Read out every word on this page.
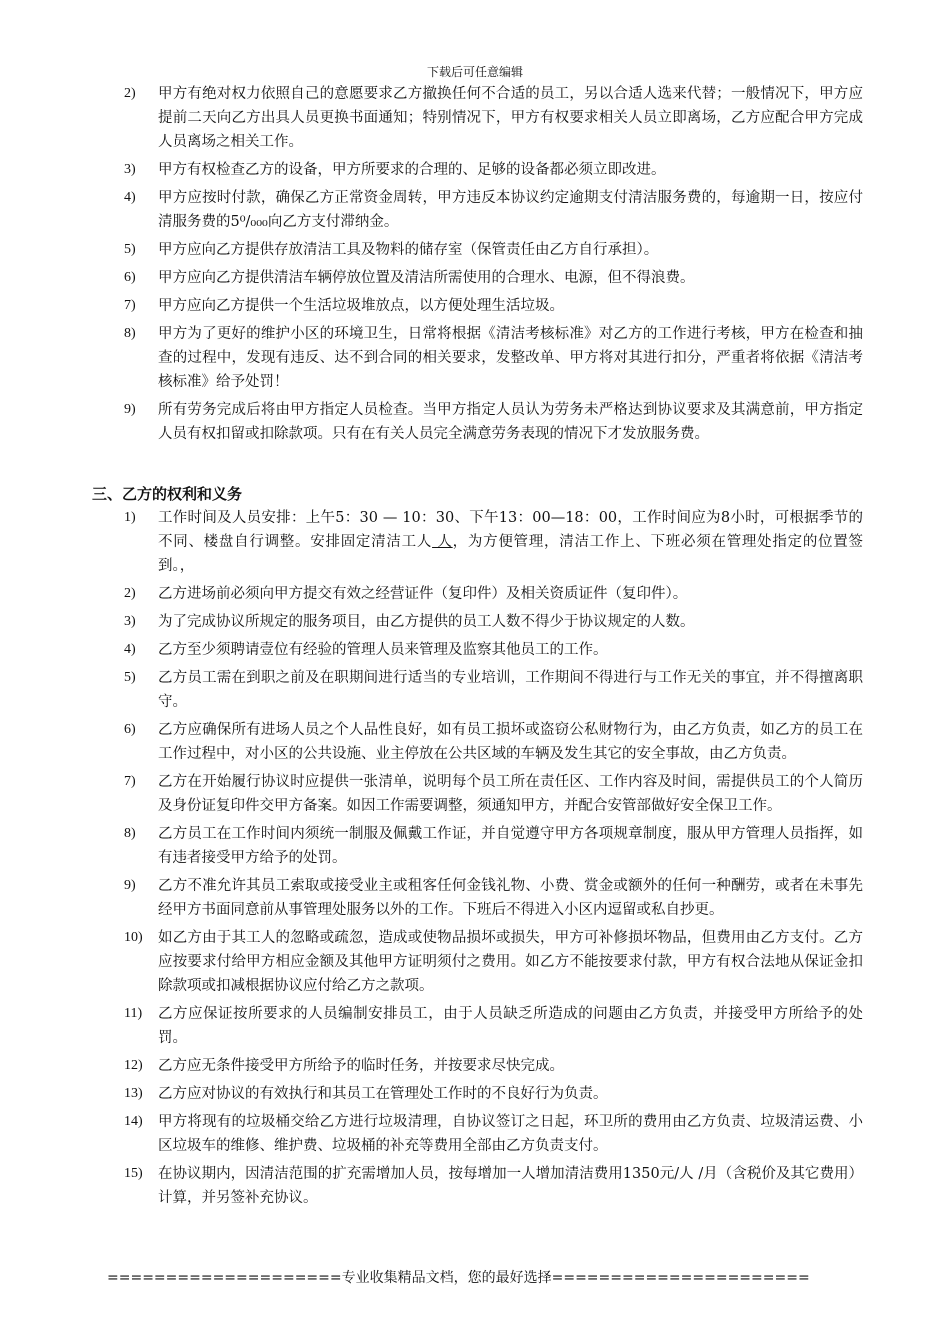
下载后可任意编辑
2) 甲方有绝对权力依照自己的意愿要求乙方撤换任何不合适的员工，另以合适人选来代替；一般情况下，甲方应提前二天向乙方出具人员更换书面通知；特别情况下，甲方有权要求相关人员立即离场，乙方应配合甲方完成人员离场之相关工作。
3) 甲方有权检查乙方的设备，甲方所要求的合理的、足够的设备都必须立即改进。
4) 甲方应按时付款，确保乙方正常资金周转，甲方违反本协议约定逾期支付清洁服务费的，每逾期一日，按应付清服务费的5⁰/₀₀₀向乙方支付滞纳金。
5) 甲方应向乙方提供存放清洁工具及物料的储存室（保管责任由乙方自行承担）。
6) 甲方应向乙方提供清洁车辆停放位置及清洁所需使用的合理水、电源，但不得浪费。
7) 甲方应向乙方提供一个生活垃圾堆放点，以方便处理生活垃圾。
8) 甲方为了更好的维护小区的环境卫生，日常将根据《清洁考核标准》对乙方的工作进行考核，甲方在检查和抽查的过程中，发现有违反、达不到合同的相关要求，发整改单、甲方将对其进行扣分，严重者将依据《清洁考核标准》给予处罚！
9) 所有劳务完成后将由甲方指定人员检查。当甲方指定人员认为劳务未严格达到协议要求及其满意前，甲方指定人员有权扣留或扣除款项。只有在有关人员完全满意劳务表现的情况下才发放服务费。
三、乙方的权利和义务
1) 工作时间及人员安排：上午5：30 — 10：30、下午13：00—18：00，工作时间应为8小时，可根据季节的不同、楼盘自行调整。安排固定清洁工人 人，为方便管理，清洁工作上、下班必须在管理处指定的位置签到。，
2) 乙方进场前必须向甲方提交有效之经营证件（复印件）及相关资质证件（复印件）。
3) 为了完成协议所规定的服务项目，由乙方提供的员工人数不得少于协议规定的人数。
4) 乙方至少须聘请壹位有经验的管理人员来管理及监察其他员工的工作。
5) 乙方员工需在到职之前及在职期间进行适当的专业培训，工作期间不得进行与工作无关的事宜，并不得擅离职守。
6) 乙方应确保所有进场人员之个人品性良好，如有员工损坏或盗窃公私财物行为，由乙方负责，如乙方的员工在工作过程中，对小区的公共设施、业主停放在公共区域的车辆及发生其它的安全事故，由乙方负责。
7) 乙方在开始履行协议时应提供一张清单，说明每个员工所在责任区、工作内容及时间，需提供员工的个人简历及身份证复印件交甲方备案。如因工作需要调整，须通知甲方，并配合安管部做好安全保卫工作。
8) 乙方员工在工作时间内须统一制服及佩戴工作证，并自觉遵守甲方各项规章制度，服从甲方管理人员指挥，如有违者接受甲方给予的处罚。
9) 乙方不准允许其员工索取或接受业主或租客任何金钱礼物、小费、赏金或额外的任何一种酬劳，或者在未事先经甲方书面同意前从事管理处服务以外的工作。下班后不得进入小区内逗留或私自抄更。
10) 如乙方由于其工人的忽略或疏忽，造成或使物品损坏或损失，甲方可补修损坏物品，但费用由乙方支付。乙方应按要求付给甲方相应金额及其他甲方证明须付之费用。如乙方不能按要求付款，甲方有权合法地从保证金扣除款项或扣减根据协议应付给乙方之款项。
11) 乙方应保证按所要求的人员编制安排员工，由于人员缺乏所造成的问题由乙方负责，并接受甲方所给予的处罚。
12) 乙方应无条件接受甲方所给予的临时任务，并按要求尽快完成。
13) 乙方应对协议的有效执行和其员工在管理处工作时的不良好行为负责。
14) 甲方将现有的垃圾桶交给乙方进行垃圾清理，自协议签订之日起，环卫所的费用由乙方负责、垃圾清运费、小区垃圾车的维修、维护费、垃圾桶的补充等费用全部由乙方负责支付。
15) 在协议期内，因清洁范围的扩充需增加人员，按每增加一人增加清洁费用1350元/人 /月（含税价及其它费用）计算，并另签补充协议。
====================专业收集精品文档，您的最好选择======================
